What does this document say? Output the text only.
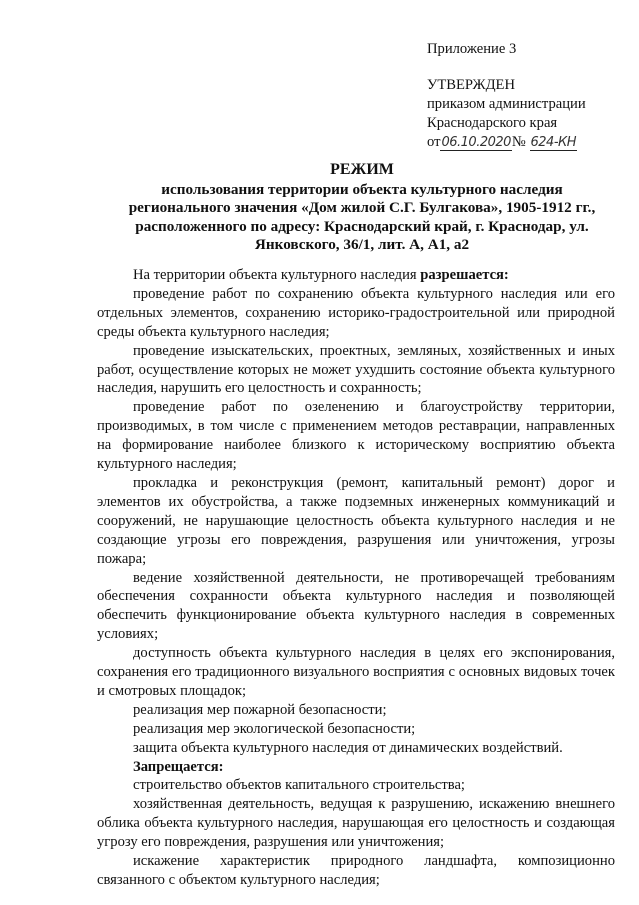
Приложение 3
УТВЕРЖДЕН
приказом администрации
Краснодарского края
от06.10.2020№ 624-КН
РЕЖИМ
использования территории объекта культурного наследия регионального значения «Дом жилой С.Г. Булгакова», 1905-1912 гг., расположенного по адресу: Краснодарский край, г. Краснодар, ул. Янковского, 36/1, лит. А, А1, а2

На территории объекта культурного наследия разрешается:

проведение работ по сохранению объекта культурного наследия или его отдельных элементов, сохранению историко-градостроительной или природной среды объекта культурного наследия;

проведение изыскательских, проектных, земляных, хозяйственных и иных работ, осуществление которых не может ухудшить состояние объекта культурного наследия, нарушить его целостность и сохранность;

проведение работ по озеленению и благоустройству территории, производимых, в том числе с применением методов реставрации, направленных на формирование наиболее близкого к историческому восприятию объекта культурного наследия;

прокладка и реконструкция (ремонт, капитальный ремонт) дорог и элементов их обустройства, а также подземных инженерных коммуникаций и сооружений, не нарушающие целостность объекта культурного наследия и не создающие угрозы его повреждения, разрушения или уничтожения, угрозы пожара;

ведение хозяйственной деятельности, не противоречащей требованиям обеспечения сохранности объекта культурного наследия и позволяющей обеспечить функционирование объекта культурного наследия в современных условиях;

доступность объекта культурного наследия в целях его экспонирования, сохранения его традиционного визуального восприятия с основных видовых точек и смотровых площадок;

реализация мер пожарной безопасности;

реализация мер экологической безопасности;

защита объекта культурного наследия от динамических воздействий.

Запрещается:

строительство объектов капитального строительства;

хозяйственная деятельность, ведущая к разрушению, искажению внешнего облика объекта культурного наследия, нарушающая его целостность и создающая угрозу его повреждения, разрушения или уничтожения;

искажение характеристик природного ландшафта, композиционно связанного с объектом культурного наследия;
